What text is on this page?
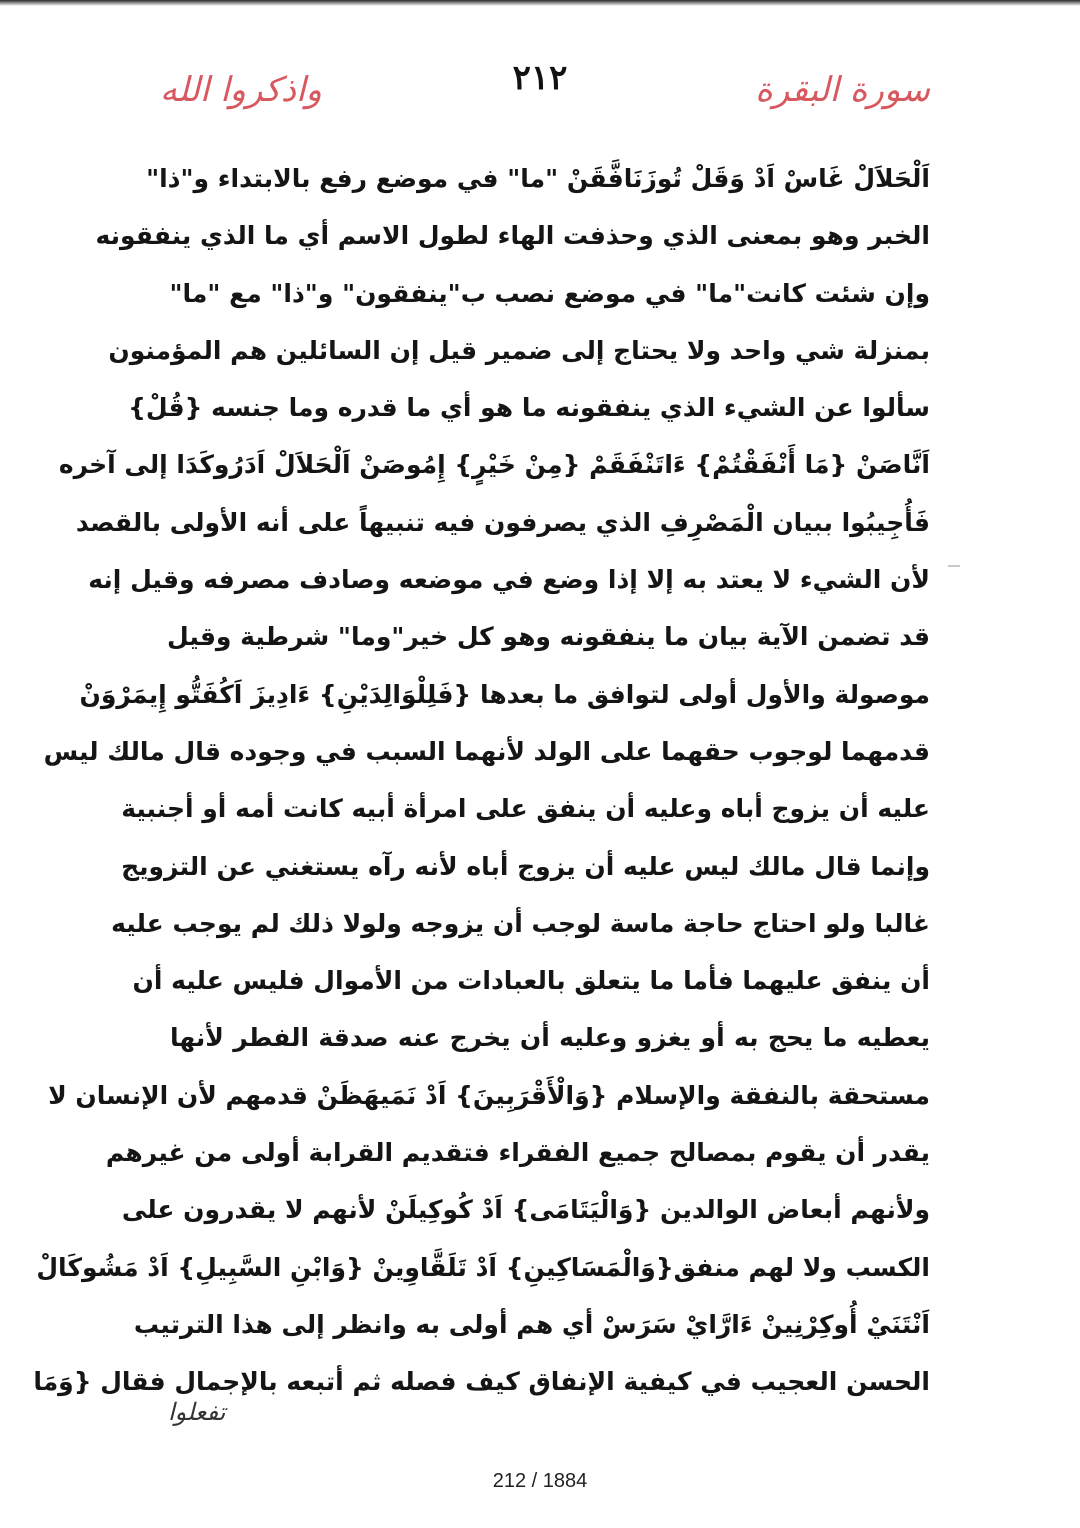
٢١٢	سورة البقرة
واذكروا الله
اَلْحَلاَلْ غَاسْ اَدْ وَقَلْ تُوزَنَافَّقَنْ "ما" في موضع رفع بالابتداء و"ذا"
الخبر وهو بمعنى الذي وحذفت الهاء لطول الاسم أي ما الذي ينفقونه
وإن شئت كانت"ما" في موضع نصب ب"ينفقون" و"ذا" مع "ما"
بمنزلة شي واحد ولا يحتاج إلى ضمير قيل إن السائلين هم المؤمنون
سألوا عن الشيء الذي ينفقونه ما هو أي ما قدره وما جنسه {قُلْ}
اَنَّاصَنْ {مَا أَنْفَقْتُمْ} ءَاتَنْفَقَمْ {مِنْ خَيْرٍ} إِمُوصَنْ اَلْحَلاَلْ اَدَرُوكَدَا إلى آخره
فَأُجِيبُوا ببيان الْمَصْرِفِ الذي يصرفون فيه تنبيهاً على أنه الأولى بالقصد
لأن الشيء لا يعتد به إلا إذا وضع في موضعه وصادف مصرفه وقيل إنه
قد تضمن الآية بيان ما ينفقونه وهو كل خير"وما" شرطية وقيل
موصولة والأول أولى لتوافق ما بعدها {فَلِلْوَالِدَيْنِ} ءَادِيزَ اَكُفَتُّو إِيمَرْوَنْ
قدمهما لوجوب حقهما على الولد لأنهما السبب في وجوده قال مالك ليس
عليه أن يزوج أباه وعليه أن ينفق على امرأة أبيه كانت أمه أو أجنبية
وإنما قال مالك ليس عليه أن يزوج أباه لأنه رآه يستغني عن التزويج
غالبا ولو احتاج حاجة ماسة لوجب أن يزوجه ولولا ذلك لم يوجب عليه
أن ينفق عليهما فأما ما يتعلق بالعبادات من الأموال فليس عليه أن
يعطيه ما يحج به أو يغزو وعليه أن يخرج عنه صدقة الفطر لأنها
مستحقة بالنفقة والإسلام {وَالْأَقْرَبِينَ} اَدْ نَمَيهَظَنْ قدمهم لأن الإنسان لا
يقدر أن يقوم بمصالح جميع الفقراء فتقديم القرابة أولى من غيرهم
ولأنهم أبعاض الوالدين {وَالْيَتَامَى} اَدْ كُوكِيلَنْ لأنهم لا يقدرون على
الكسب ولا لهم منفق{وَالْمَسَاكِينِ} اَدْ تَلَقَّاوِينْ {وَابْنِ السَّبِيلِ} اَدْ مَشُوكَالْ
اَنْتَنَيْ أُوكِرْنِينْ ءَارَّايْ سَرَسْ أي هم أولى به وانظر إلى هذا الترتيب
الحسن العجيب في كيفية الإنفاق كيف فصله ثم أتبعه بالإجمال فقال {وَمَا
تفعلوا
212 / 1884
